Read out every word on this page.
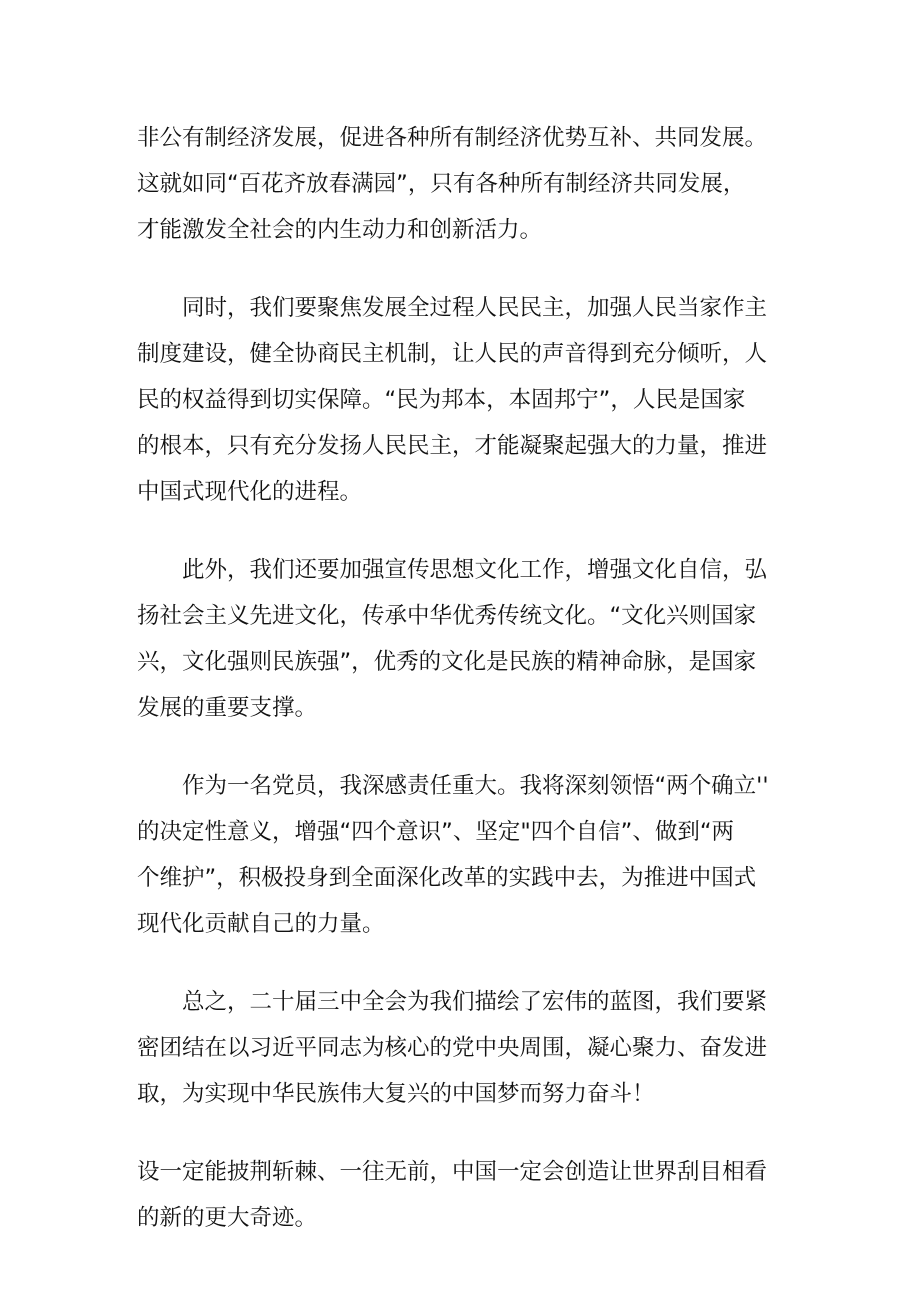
非公有制经济发展，促进各种所有制经济优势互补、共同发展。
这就如同“百花齐放春满园”，只有各种所有制经济共同发展，
才能激发全社会的内生动力和创新活力。
同时，我们要聚焦发展全过程人民民主，加强人民当家作主
制度建设，健全协商民主机制，让人民的声音得到充分倾听，人
民的权益得到切实保障。“民为邦本，本固邦宁”，人民是国家
的根本，只有充分发扬人民民主，才能凝聚起强大的力量，推进
中国式现代化的进程。
此外，我们还要加强宣传思想文化工作，增强文化自信，弘
扬社会主义先进文化，传承中华优秀传统文化。“文化兴则国家
兴，文化强则民族强”，优秀的文化是民族的精神命脉，是国家
发展的重要支撑。
作为一名党员，我深感责任重大。我将深刻领悟“两个确立''
的决定性意义，增强“四个意识”、坚定"四个自信”、做到“两
个维护”，积极投身到全面深化改革的实践中去，为推进中国式
现代化贡献自己的力量。
总之，二十届三中全会为我们描绘了宏伟的蓝图，我们要紧
密团结在以习近平同志为核心的党中央周围，凝心聚力、奋发进
取，为实现中华民族伟大复兴的中国梦而努力奋斗！
设一定能披荆斩棘、一往无前，中国一定会创造让世界刮目相看
的新的更大奇迹。
